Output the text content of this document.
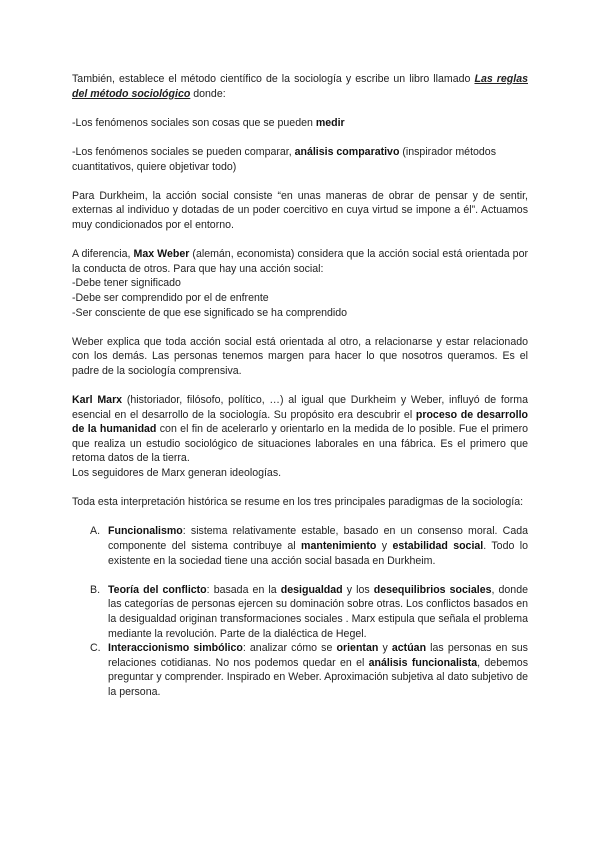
También, establece el método científico de la sociología y escribe un libro llamado Las reglas del método sociológico donde:

-Los fenómenos sociales son cosas que se pueden medir

-Los fenómenos sociales se pueden comparar, análisis comparativo (inspirador métodos cuantitativos, quiere objetivar todo)

Para Durkheim, la acción social consiste “en unas maneras de obrar de pensar y de sentir, externas al individuo y dotadas de un poder coercitivo en cuya virtud se impone a él”. Actuamos muy condicionados por el entorno.

A diferencia, Max Weber (alemán, economista) considera que la acción social está orientada por la conducta de otros. Para que hay una acción social:
-Debe tener significado
-Debe ser comprendido por el de enfrente
-Ser consciente de que ese significado se ha comprendido

Weber explica que toda acción social está orientada al otro, a relacionarse y estar relacionado con los demás. Las personas tenemos margen para hacer lo que nosotros queramos. Es el padre de la sociología comprensiva.

Karl Marx (historiador, filósofo, político, …) al igual que Durkheim y Weber, influyó de forma esencial en el desarrollo de la sociología. Su propósito era descubrir el proceso de desarrollo de la humanidad con el fin de acelerarlo y orientarlo en la medida de lo posible. Fue el primero que realiza un estudio sociológico de situaciones laborales en una fábrica. Es el primero que retoma datos de la tierra.
Los seguidores de Marx generan ideologías.

Toda esta interpretación histórica se resume en los tres principales paradigmas de la sociología:

A. Funcionalismo: sistema relativamente estable, basado en un consenso moral. Cada componente del sistema contribuye al mantenimiento y estabilidad social. Todo lo existente en la sociedad tiene una acción social basada en Durkheim.
B. Teoría del conflicto: basada en la desigualdad y los desequilibrios sociales, donde las categorías de personas ejercen su dominación sobre otras. Los conflictos basados en la desigualdad originan transformaciones sociales . Marx estipula que señala el problema mediante la revolución. Parte de la dialéctica de Hegel.
C. Interaccionismo simbólico: analizar cómo se orientan y actúan las personas en sus relaciones cotidianas. No nos podemos quedar en el análisis funcionalista, debemos preguntar y comprender. Inspirado en Weber. Aproximación subjetiva al dato subjetivo de la persona.
